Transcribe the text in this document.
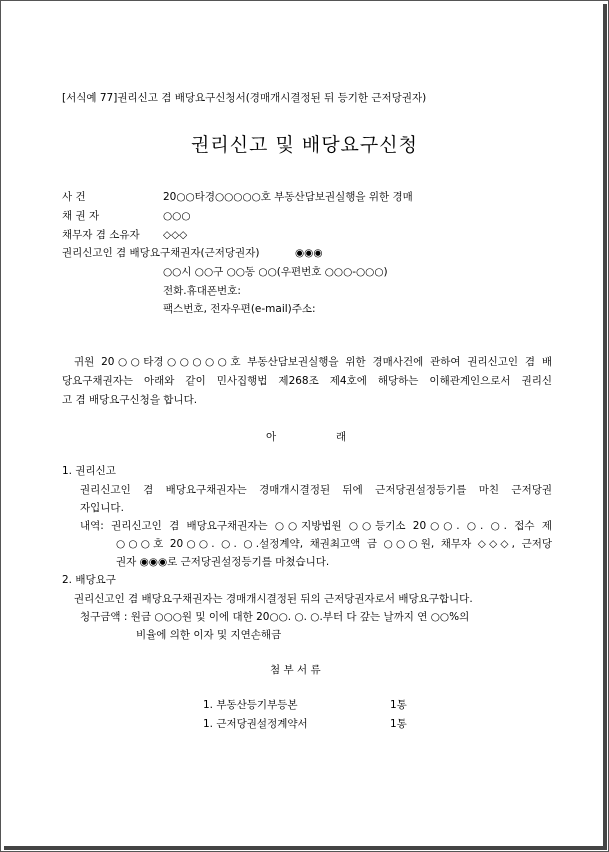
[서식예 77]권리신고 겸 배당요구신청서(경매개시결정된 뒤 등기한 근저당권자)
권리신고 및 배당요구신청
사 건	20○○타경○○○○○호 부동산담보권실행을 위한 경매
채 권 자	○○○
채무자 겸 소유자 ◇◇◇
권리신고인 겸 배당요구채권자(근저당권자)	◉◉◉
○○시 ○○구 ○○동 ○○(우편번호 ○○○-○○○)
전화.휴대폰번호:
팩스번호, 전자우편(e-mail)주소:
귀원 20○○타경○○○○○호 부동산담보권실행을 위한 경매사건에 관하여 권리신고인 겸 배
당요구채권자는 아래와 같이 민사집행법 제268조 제4호에 해당하는 이해관계인으로서 권리신
고 겸 배당요구신청을 합니다.
아	래
1. 권리신고
권리신고인 겸 배당요구채권자는 경매개시결정된 뒤에 근저당권설정등기를 마친 근저당권
자입니다.
내역: 권리신고인 겸 배당요구채권자는 ○○지방법원 ○○등기소 20○○. ○. ○. 접수 제
○○○호 20○○. ○. ○.설정계약, 채권최고액 금 ○○○원, 채무자 ◇◇◇, 근저당
권자 ◉◉◉로 근저당권설정등기를 마쳤습니다.
2. 배당요구
권리신고인 겸 배당요구채권자는 경매개시결정된 뒤의 근저당권자로서 배당요구합니다.
청구금액 : 원금 ○○○원 및 이에 대한 20○○. ○. ○.부터 다 갚는 날까지 연 ○○%의
비율에 의한 이자 및 지연손해금
첨 부 서 류
1. 부동산등기부등본	1통
1. 근저당권설정계약서	1통
